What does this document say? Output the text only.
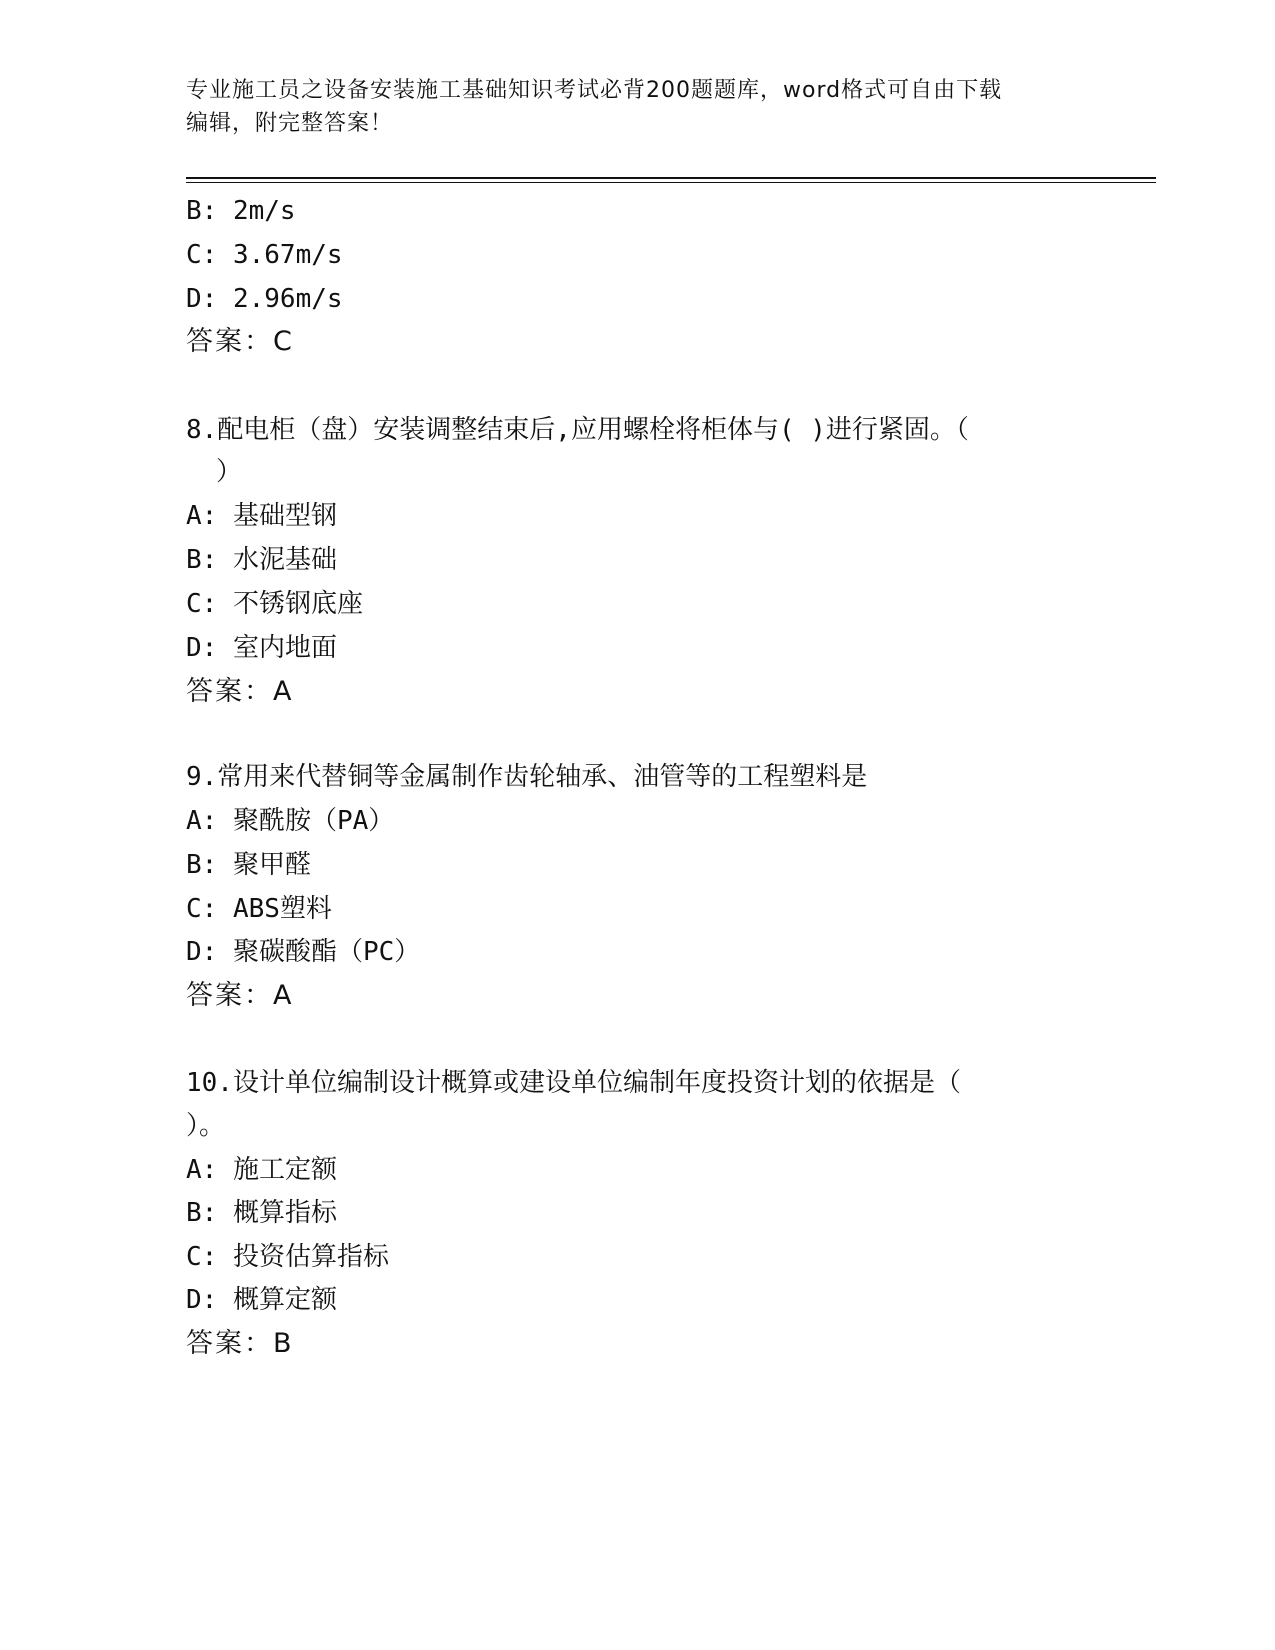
专业施工员之设备安装施工基础知识考试必背200题题库，word格式可自由下载
编辑，附完整答案！
B: 2m/s
C: 3.67m/s
D: 2.96m/s
答案：C
8.配电柜（盘）安装调整结束后,应用螺栓将柜体与( )进行紧固。（
）
A: 基础型钢
B: 水泥基础
C: 不锈钢底座
D: 室内地面
答案：A
9.常用来代替铜等金属制作齿轮轴承、油管等的工程塑料是
A: 聚酰胺（PA）
B: 聚甲醛
C: ABS塑料
D: 聚碳酸酯（PC）
答案：A
10.设计单位编制设计概算或建设单位编制年度投资计划的依据是（
）。
A: 施工定额
B: 概算指标
C: 投资估算指标
D: 概算定额
答案：B
